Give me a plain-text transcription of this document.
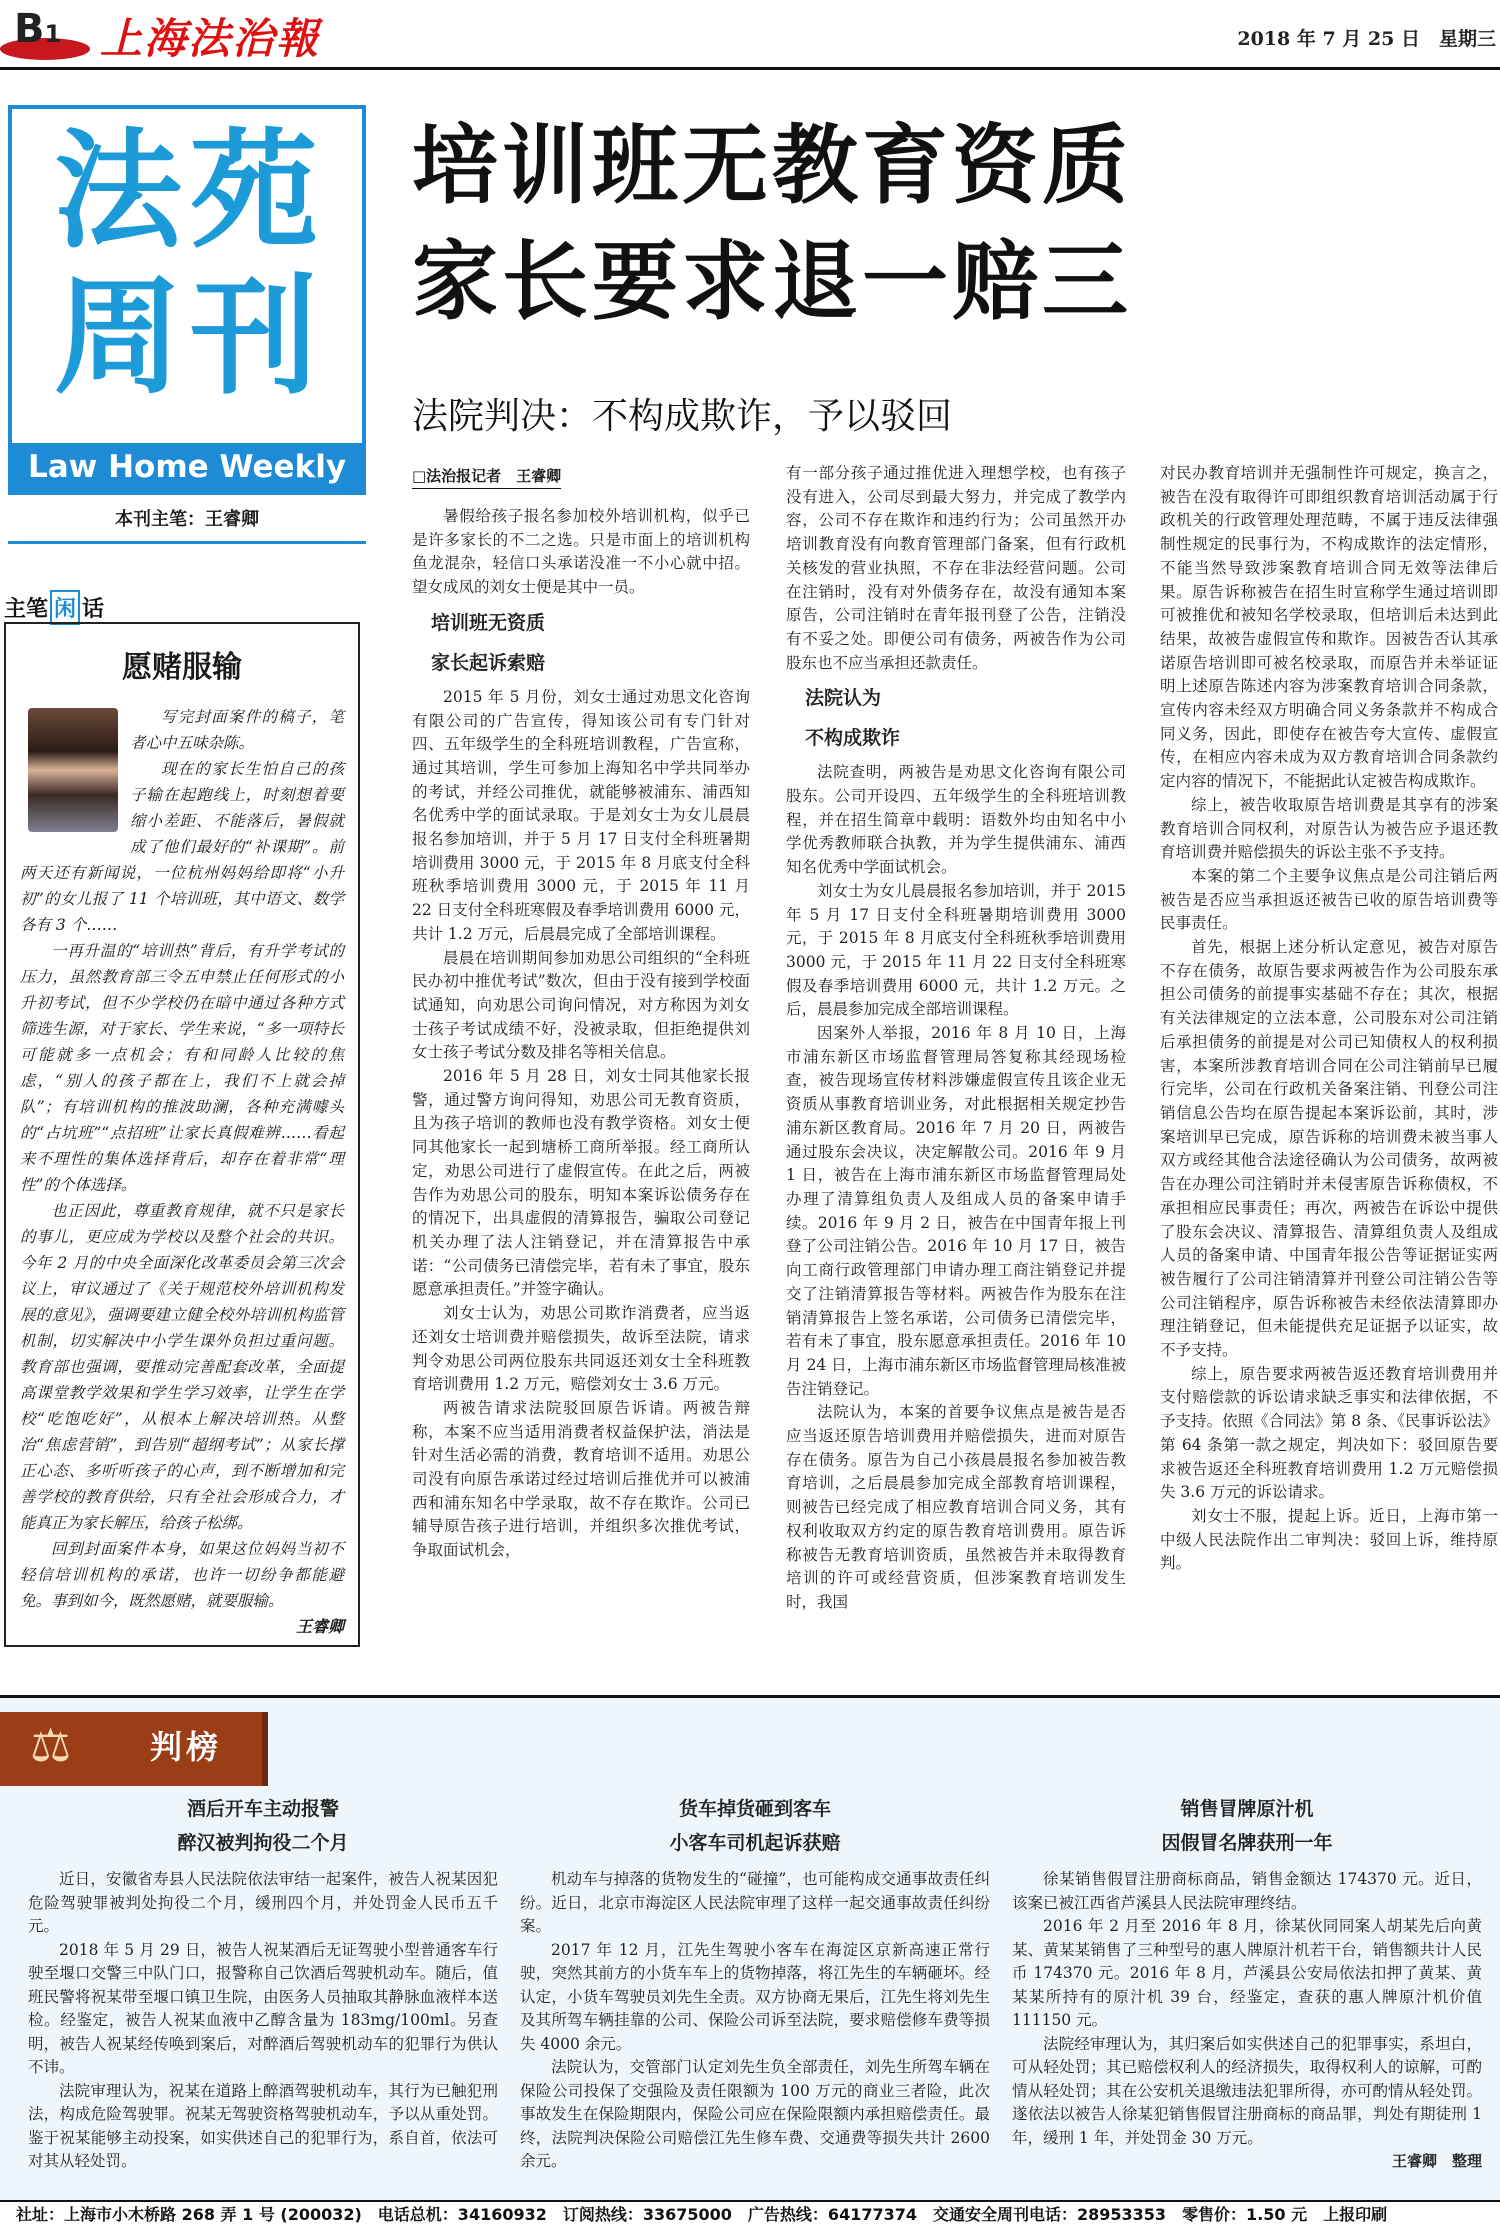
B1 上海法治報	2018 年 7 月 25 日　 星期三
法苑
周刊
Law Home Weekly
本刊主笔：王睿卿
主笔 闲 话
愿赌服输

写完封面案件的稿子，笔者心中五味杂陈。

现在的家长生怕自己的孩子输在起跑线上，时刻想着要缩小差距、不能落后，暑假就成了他们最好的“补课期”。前两天还有新闻说，一位杭州妈妈给即将“小升初”的女儿报了 11 个培训班，其中语文、数学各有 3 个……

一再升温的“培训热”背后，有升学考试的压力，虽然教育部三令五申禁止任何形式的小升初考试，但不少学校仍在暗中通过各种方式筛选生源，对于家长、学生来说，“多一项特长可能就多一点机会；有和同龄人比较的焦虑，“别人的孩子都在上，我们不上就会掉队”；有培训机构的推波助澜，各种充满噱头的“占坑班”“点招班”让家长真假难辨……看起来不理性的集体选择背后，却存在着非常“理性”的个体选择。

也正因此，尊重教育规律，就不只是家长的事儿，更应成为学校以及整个社会的共识。今年 2 月的中央全面深化改革委员会第三次会议上，审议通过了《关于规范校外培训机构发展的意见》，强调要建立健全校外培训机构监管机制，切实解决中小学生课外负担过重问题。教育部也强调，要推动完善配套改革，全面提高课堂教学效果和学生学习效率，让学生在学校“吃饱吃好”，从根本上解决培训热。从整治“焦虑营销”，到告别“超纲考试”；从家长撑正心态、多听听孩子的心声，到不断增加和完善学校的教育供给，只有全社会形成合力，才能真正为家长解压，给孩子松绑。

回到封面案件本身，如果这位妈妈当初不轻信培训机构的承诺，也许一切纷争都能避免。事到如今，既然愿赌，就要服输。

王睿卿
培训班无教育资质
家长要求退一赔三
法院判决：不构成欺诈，予以驳回
□法治报记者　王睿卿

暑假给孩子报名参加校外培训机构，似乎已是许多家长的不二之选。只是市面上的培训机构鱼龙混杂，轻信口头承诺没准一不小心就中招。望女成凤的刘女士便是其中一员。

培训班无资质
家长起诉索赔

2015 年 5 月份，刘女士通过劝思文化咨询有限公司的广告宣传，得知该公司有专门针对四、五年级学生的全科班培训教程，广告宣称，通过其培训，学生可参加上海知名中学共同举办的考试，并经公司推优，就能够被浦东、浦西知名优秀中学的面试录取。于是刘女士为女儿晨晨报名参加培训，并于 5 月 17 日支付全科班暑期培训费用 3000 元，于 2015 年 8 月底支付全科班秋季培训费用 3000 元，于 2015 年 11 月 22 日支付全科班寒假及春季培训费用 6000 元，共计 1.2 万元，后晨晨完成了全部培训课程。

晨晨在培训期间参加劝思公司组织的“全科班民办初中推优考试”数次，但由于没有接到学校面试通知，向劝思公司询问情况，对方称因为刘女士孩子考试成绩不好，没被录取，但拒绝提供刘女士孩子考试分数及排名等相关信息。

2016 年 5 月 28 日，刘女士同其他家长报警，通过警方询问得知，劝思公司无教育资质，且为孩子培训的教师也没有教学资格。刘女士便同其他家长一起到塘桥工商所举报。经工商所认定，劝思公司进行了虚假宣传。在此之后，两被告作为劝思公司的股东，明知本案诉讼债务存在的情况下，出具虚假的清算报告，骗取公司登记机关办理了法人注销登记，并在清算报告中承诺：“公司债务已清偿完毕，若有未了事宜，股东愿意承担责任。”并签字确认。

刘女士认为，劝思公司欺诈消费者，应当返还刘女士培训费并赔偿损失，故诉至法院，请求判令劝思公司两位股东共同返还刘女士全科班教育培训费用 1.2 万元，赔偿刘女士 3.6 万元。

两被告请求法院驳回原告诉请。两被告辩称，本案不应当适用消费者权益保护法，消法是针对生活必需的消费，教育培训不适用。劝思公司没有向原告承诺过经过培训后推优并可以被浦西和浦东知名中学录取，故不存在欺诈。公司已辅导原告孩子进行培训，并组织多次推优考试，争取面试机会，

有一部分孩子通过推优进入理想学校，也有孩子没有进入，公司尽到最大努力，并完成了教学内容，公司不存在欺诈和违约行为；公司虽然开办培训教育没有向教育管理部门备案，但有行政机关核发的营业执照，不存在非法经营问题。公司在注销时，没有对外债务存在，故没有通知本案原告，公司注销时在青年报刊登了公告，注销没有不妥之处。即便公司有债务，两被告作为公司股东也不应当承担还款责任。

法院认为
不构成欺诈

法院查明，两被告是劝思文化咨询有限公司股东。公司开设四、五年级学生的全科班培训教程，并在招生简章中载明：语数外均由知名中小学优秀教师联合执教，并为学生提供浦东、浦西知名优秀中学面试机会。

刘女士为女儿晨晨报名参加培训，并于 2015 年 5 月 17 日支付全科班暑期培训费用 3000 元，于 2015 年 8 月底支付全科班秋季培训费用 3000 元，于 2015 年 11 月 22 日支付全科班寒假及春季培训费用 6000 元，共计 1.2 万元。之后，晨晨参加完成全部培训课程。

因案外人举报，2016 年 8 月 10 日，上海市浦东新区市场监督管理局答复称其经现场检查，被告现场宣传材料涉嫌虚假宣传且该企业无资质从事教育培训业务，对此根据相关规定抄告浦东新区教育局。2016 年 7 月 20 日，两被告通过股东会决议，决定解散公司。2016 年 9 月 1 日，被告在上海市浦东新区市场监督管理局处办理了清算组负责人及组成人员的备案申请手续。2016 年 9 月 2 日，被告在中国青年报上刊登了公司注销公告。2016 年 10 月 17 日，被告向工商行政管理部门申请办理工商注销登记并提交了注销清算报告等材料。两被告作为股东在注销清算报告上签名承诺，公司债务已清偿完毕，若有未了事宜，股东愿意承担责任。2016 年 10 月 24 日，上海市浦东新区市场监督管理局核准被告注销登记。

法院认为，本案的首要争议焦点是被告是否应当返还原告培训费用并赔偿损失，进而对原告存在债务。原告为自己小孩晨晨报名参加被告教育培训，之后晨晨参加完成全部教育培训课程，则被告已经完成了相应教育培训合同义务，其有权利收取双方约定的原告教育培训费用。原告诉称被告无教育培训资质，虽然被告并未取得教育培训的许可或经营资质，但涉案教育培训发生时，我国

对民办教育培训并无强制性许可规定，换言之，被告在没有取得许可即组织教育培训活动属于行政机关的行政管理处理范畴，不属于违反法律强制性规定的民事行为，不构成欺诈的法定情形，不能当然导致涉案教育培训合同无效等法律后果。原告诉称被告在招生时宣称学生通过培训即可被推优和被知名学校录取，但培训后未达到此结果，故被告虚假宣传和欺诈。因被告否认其承诺原告培训即可被名校录取，而原告并未举证证明上述原告陈述内容为涉案教育培训合同条款，宣传内容未经双方明确合同义务条款并不构成合同义务，因此，即使存在被告夸大宣传、虚假宣传，在相应内容未成为双方教育培训合同条款约定内容的情况下，不能据此认定被告构成欺诈。

综上，被告收取原告培训费是其享有的涉案教育培训合同权利，对原告认为被告应予退还教育培训费并赔偿损失的诉讼主张不予支持。

本案的第二个主要争议焦点是公司注销后两被告是否应当承担返还被告已收的原告培训费等民事责任。

首先，根据上述分析认定意见，被告对原告不存在债务，故原告要求两被告作为公司股东承担公司债务的前提事实基础不存在；其次，根据有关法律规定的立法本意，公司股东对公司注销后承担债务的前提是对公司已知债权人的权利损害，本案所涉教育培训合同在公司注销前早已履行完毕，公司在行政机关备案注销、刊登公司注销信息公告均在原告提起本案诉讼前，其时，涉案培训早已完成，原告诉称的培训费未被当事人双方或经其他合法途径确认为公司债务，故两被告在办理公司注销时并未侵害原告诉称债权，不承担相应民事责任；再次，两被告在诉讼中提供了股东会决议、清算报告、清算组负责人及组成人员的备案申请、中国青年报公告等证据证实两被告履行了公司注销清算并刊登公司注销公告等公司注销程序，原告诉称被告未经依法清算即办理注销登记，但未能提供充足证据予以证实，故不予支持。

综上，原告要求两被告返还教育培训费用并支付赔偿款的诉讼请求缺乏事实和法律依据，不予支持。依照《合同法》第 8 条、《民事诉讼法》第 64 条第一款之规定，判决如下：驳回原告要求被告返还全科班教育培训费用 1.2 万元赔偿损失 3.6 万元的诉讼请求。

刘女士不服，提起上诉。近日，上海市第一中级人民法院作出二审判决：驳回上诉，维持原判。

⚖ 判榜
酒后开车主动报警
醉汉被判拘役二个月

近日，安徽省寿县人民法院依法审结一起案件，被告人祝某因犯危险驾驶罪被判处拘役二个月，缓刑四个月，并处罚金人民币五千元。

2018 年 5 月 29 日，被告人祝某酒后无证驾驶小型普通客车行驶至堰口交警三中队门口，报警称自己饮酒后驾驶机动车。随后，值班民警将祝某带至堰口镇卫生院，由医务人员抽取其静脉血液样本送检。经鉴定，被告人祝某血液中乙醇含量为 183mg/100ml。另查明，被告人祝某经传唤到案后，对醉酒后驾驶机动车的犯罪行为供认不讳。

法院审理认为，祝某在道路上醉酒驾驶机动车，其行为已触犯刑法，构成危险驾驶罪。祝某无驾驶资格驾驶机动车，予以从重处罚。鉴于祝某能够主动投案，如实供述自己的犯罪行为，系自首，依法可对其从轻处罚。

货车掉货砸到客车
小客车司机起诉获赔

机动车与掉落的货物发生的“碰撞”，也可能构成交通事故责任纠纷。近日，北京市海淀区人民法院审理了这样一起交通事故责任纠纷案。

2017 年 12 月，江先生驾驶小客车在海淀区京新高速正常行驶，突然其前方的小货车车上的货物掉落，将江先生的车辆砸坏。经认定，小货车驾驶员刘先生全责。双方协商无果后，江先生将刘先生及其所驾车辆挂靠的公司、保险公司诉至法院，要求赔偿修车费等损失 4000 余元。

法院认为，交管部门认定刘先生负全部责任，刘先生所驾车辆在保险公司投保了交强险及责任限额为 100 万元的商业三者险，此次事故发生在保险期限内，保险公司应在保险限额内承担赔偿责任。最终，法院判决保险公司赔偿江先生修车费、交通费等损失共计 2600 余元。

销售冒牌原汁机
因假冒名牌获刑一年

徐某销售假冒注册商标商品，销售金额达 174370 元。近日，该案已被江西省芦溪县人民法院审理终结。

2016 年 2 月至 2016 年 8 月，徐某伙同同案人胡某先后向黄某、黄某某销售了三种型号的惠人牌原汁机若干台，销售额共计人民币 174370 元。2016 年 8 月，芦溪县公安局依法扣押了黄某、黄某某所持有的原汁机 39 台，经鉴定，查获的惠人牌原汁机价值 111150 元。

法院经审理认为，其归案后如实供述自己的犯罪事实，系坦白，可从轻处罚；其已赔偿权利人的经济损失，取得权利人的谅解，可酌情从轻处罚；其在公安机关退缴违法犯罪所得，亦可酌情从轻处罚。遂依法以被告人徐某犯销售假冒注册商标的商品罪，判处有期徒刑 1 年，缓刑 1 年，并处罚金 30 万元。

王睿卿　整理
社址：上海市小木桥路 268 弄 1 号 (200032)　电话总机：34160932　订阅热线：33675000　广告热线：64177374　交通安全周刊电话：28953353　零售价：1.50 元　上报印刷
